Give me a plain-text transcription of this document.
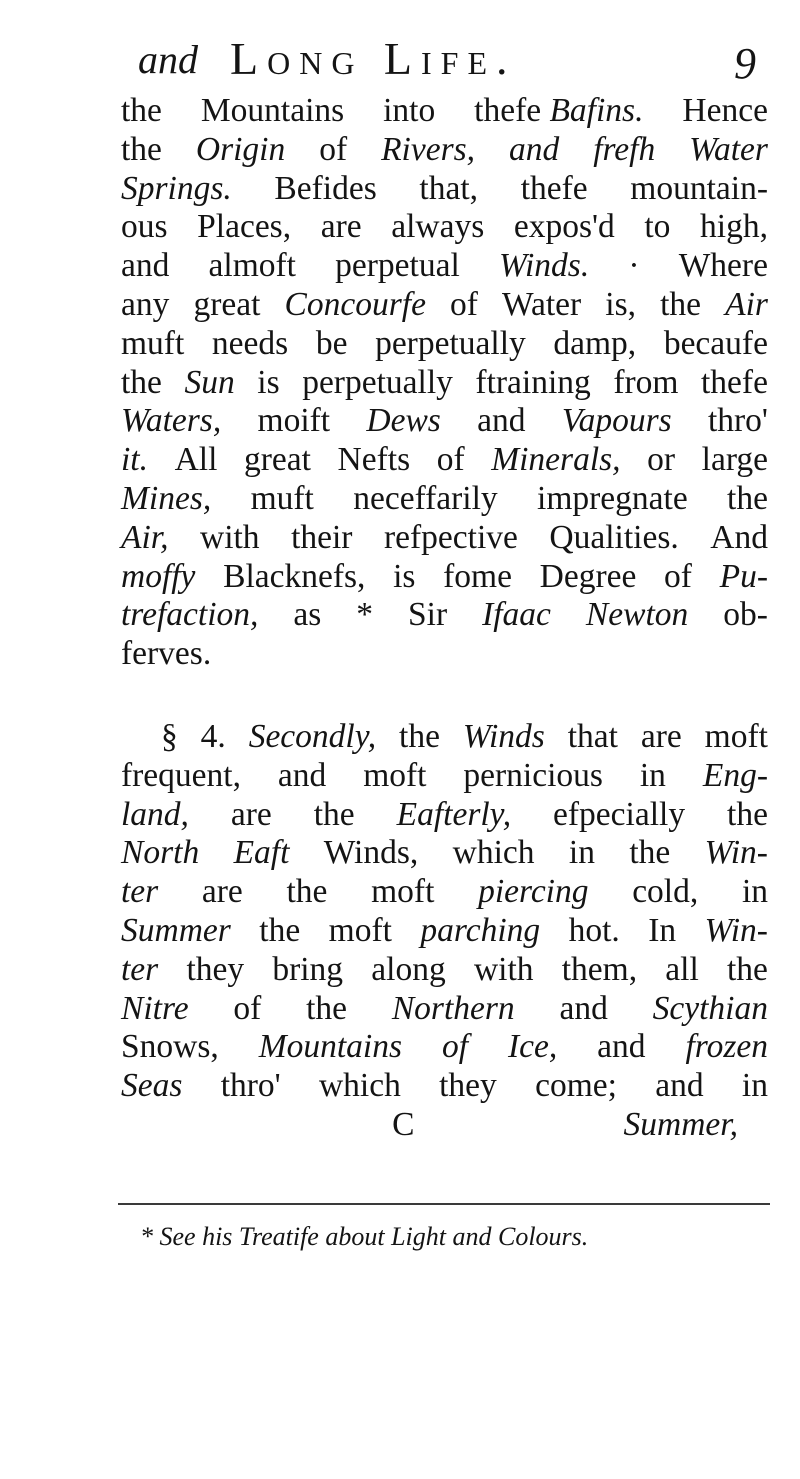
and Long Life.	9
the Mountains into thefe Bafins. Hence
the Origin of Rivers, and frefh Water
Springs. Befides that, thefe mountain-
ous Places, are always expos'd to high,
and almoft perpetual Winds. · Where
any great Concourfe of Water is, the Air
muft needs be perpetually damp, becaufe
the Sun is perpetually ftraining from thefe
Waters, moift Dews and Vapours thro'
it. All great Nefts of Minerals, or large
Mines, muft neceffarily impregnate the
Air, with their refpective Qualities. And
moffy Blacknefs, is fome Degree of Pu-
trefaction, as * Sir Ifaac Newton ob-
ferves.
§ 4. Secondly, the Winds that are moft
frequent, and moft pernicious in Eng-
land, are the Eafterly, efpecially the
North Eaft Winds, which in the Win-
ter are the moft piercing cold, in
Summer the moft parching hot. In Win-
ter they bring along with them, all the
Nitre of the Northern and Scythian
Snows, Mountains of Ice, and frozen
Seas thro' which they come; and in
C	Summer,
* See his Treatife about Light and Colours.
